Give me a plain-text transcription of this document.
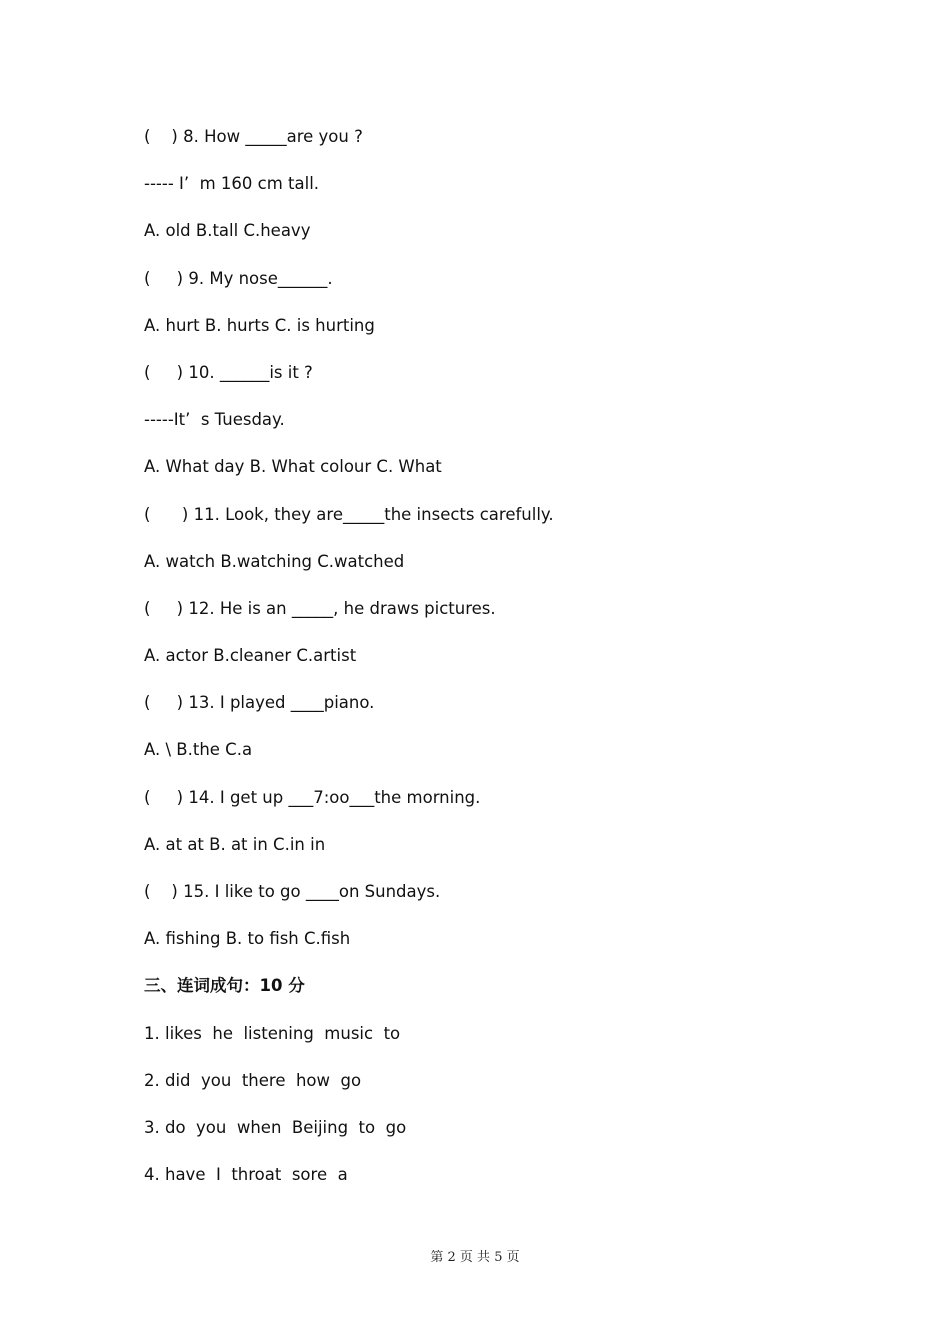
(    ) 8. How _____are you ?
----- I’  m 160 cm tall.
A. old B.tall C.heavy
(     ) 9. My nose______.
A. hurt B. hurts C. is hurting
(     ) 10. ______is it ?
-----It’  s Tuesday.
A. What day B. What colour C. What
(      ) 11. Look, they are_____the insects carefully.
A. watch B.watching C.watched
(     ) 12. He is an _____, he draws pictures.
A. actor B.cleaner C.artist
(     ) 13. I played ____piano.
A. \ B.the C.a
(     ) 14. I get up ___7:oo___the morning.
A. at at B. at in C.in in
(    ) 15. I like to go ____on Sundays.
A. fishing B. to fish C.fish
三、连词成句：10 分
1. likes  he  listening  music  to
2. did  you  there  how  go
3. do  you  when  Beijing  to  go
4. have  I  throat  sore  a
第 2 页 共 5 页
